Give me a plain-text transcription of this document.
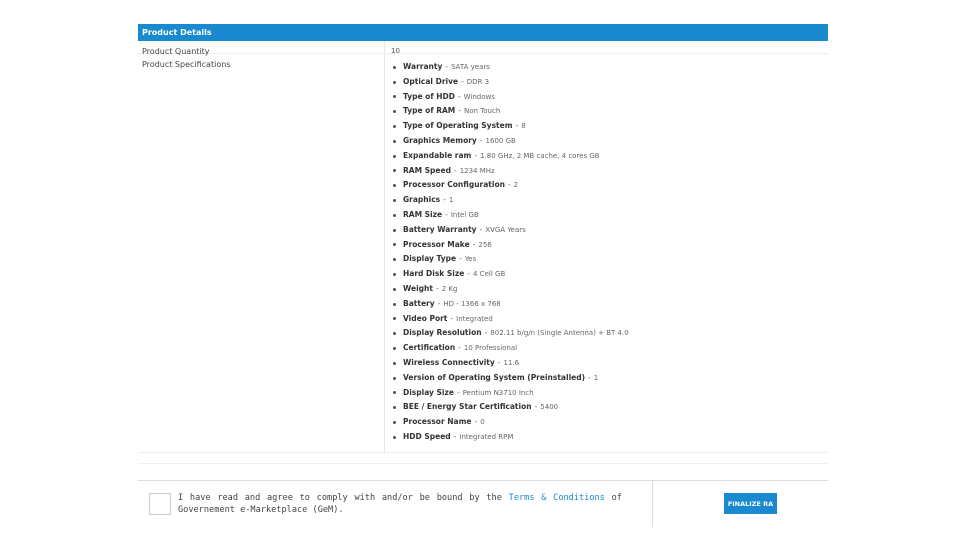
Product Details
Product Quantity	10
Product Specifications	Warranty - SATA years
Optical Drive - DDR 3
Type of HDD - Windows
Type of RAM - Non Touch
Type of Operating System - 8
Graphics Memory - 1600 GB
Expandable ram - 1.80 GHz, 2 MB cache, 4 cores GB
RAM Speed - 1234 MHz
Processor Configuration - 2
Graphics - 1
RAM Size - Intel GB
Battery Warranty - XVGA Years
Processor Make - 256
Display Type - Yes
Hard Disk Size - 4 Cell GB
Weight - 2 Kg
Battery - HD - 1366 x 768
Video Port - Integrated
Display Resolution - 802.11 b/g/n (Single Antenna) + BT 4.0
Certification - 10 Professional
Wireless Connectivity - 11.6
Version of Operating System (Preinstalled) - 1
Display Size - Pentium N3710 Inch
BEE / Energy Star Certification - 5400
Processor Name - 0
HDD Speed - Integrated RPM
I have read and agree to comply with and/or be bound by the Terms & Conditions of Governement e-Marketplace (GeM).
FINALIZE RA
